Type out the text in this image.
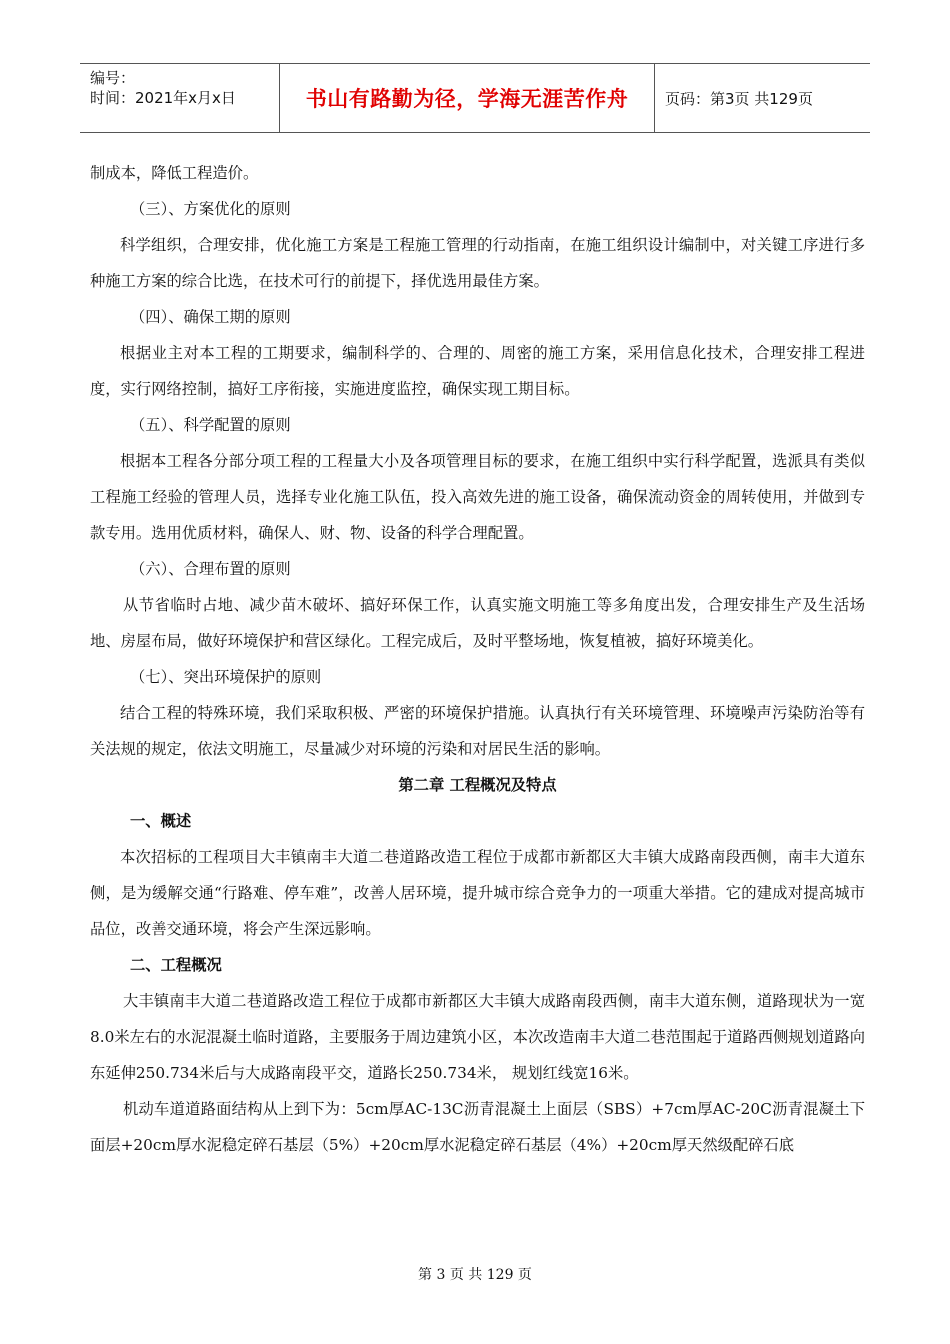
编号：
时间：2021年x月x日	书山有路勤为径，学海无涯苦作舟	页码：第3页 共129页

制成本，降低工程造价。

（三）、方案优化的原则

科学组织，合理安排，优化施工方案是工程施工管理的行动指南，在施工组织设计编制中，对关键工序进行多种施工方案的综合比选，在技术可行的前提下，择优选用最佳方案。

（四）、确保工期的原则

根据业主对本工程的工期要求，编制科学的、合理的、周密的施工方案，采用信息化技术，合理安排工程进度，实行网络控制，搞好工序衔接，实施进度监控，确保实现工期目标。

（五）、科学配置的原则

根据本工程各分部分项工程的工程量大小及各项管理目标的要求，在施工组织中实行科学配置，选派具有类似工程施工经验的管理人员，选择专业化施工队伍，投入高效先进的施工设备，确保流动资金的周转使用，并做到专款专用。选用优质材料，确保人、财、物、设备的科学合理配置。

（六）、合理布置的原则

从节省临时占地、减少苗木破坏、搞好环保工作，认真实施文明施工等多角度出发，合理安排生产及生活场地、房屋布局，做好环境保护和营区绿化。工程完成后，及时平整场地，恢复植被，搞好环境美化。

（七）、突出环境保护的原则

结合工程的特殊环境，我们采取积极、严密的环境保护措施。认真执行有关环境管理、环境噪声污染防治等有关法规的规定，依法文明施工，尽量减少对环境的污染和对居民生活的影响。

第二章 工程概况及特点

一、概述

本次招标的工程项目大丰镇南丰大道二巷道路改造工程位于成都市新都区大丰镇大成路南段西侧，南丰大道东侧，是为缓解交通“行路难、停车难”，改善人居环境，提升城市综合竞争力的一项重大举措。它的建成对提高城市品位，改善交通环境，将会产生深远影响。

二、工程概况

大丰镇南丰大道二巷道路改造工程位于成都市新都区大丰镇大成路南段西侧，南丰大道东侧，道路现状为一宽8.0米左右的水泥混凝土临时道路，主要服务于周边建筑小区，本次改造南丰大道二巷范围起于道路西侧规划道路向东延伸250.734米后与大成路南段平交，道路长250.734米， 规划红线宽16米。

机动车道道路面结构从上到下为：5cm厚AC-13C沥青混凝土上面层（SBS）+7cm厚AC-20C沥青混凝土下面层+20cm厚水泥稳定碎石基层（5%）+20cm厚水泥稳定碎石基层（4%）+20cm厚天然级配碎石底

第 3 页 共 129 页
